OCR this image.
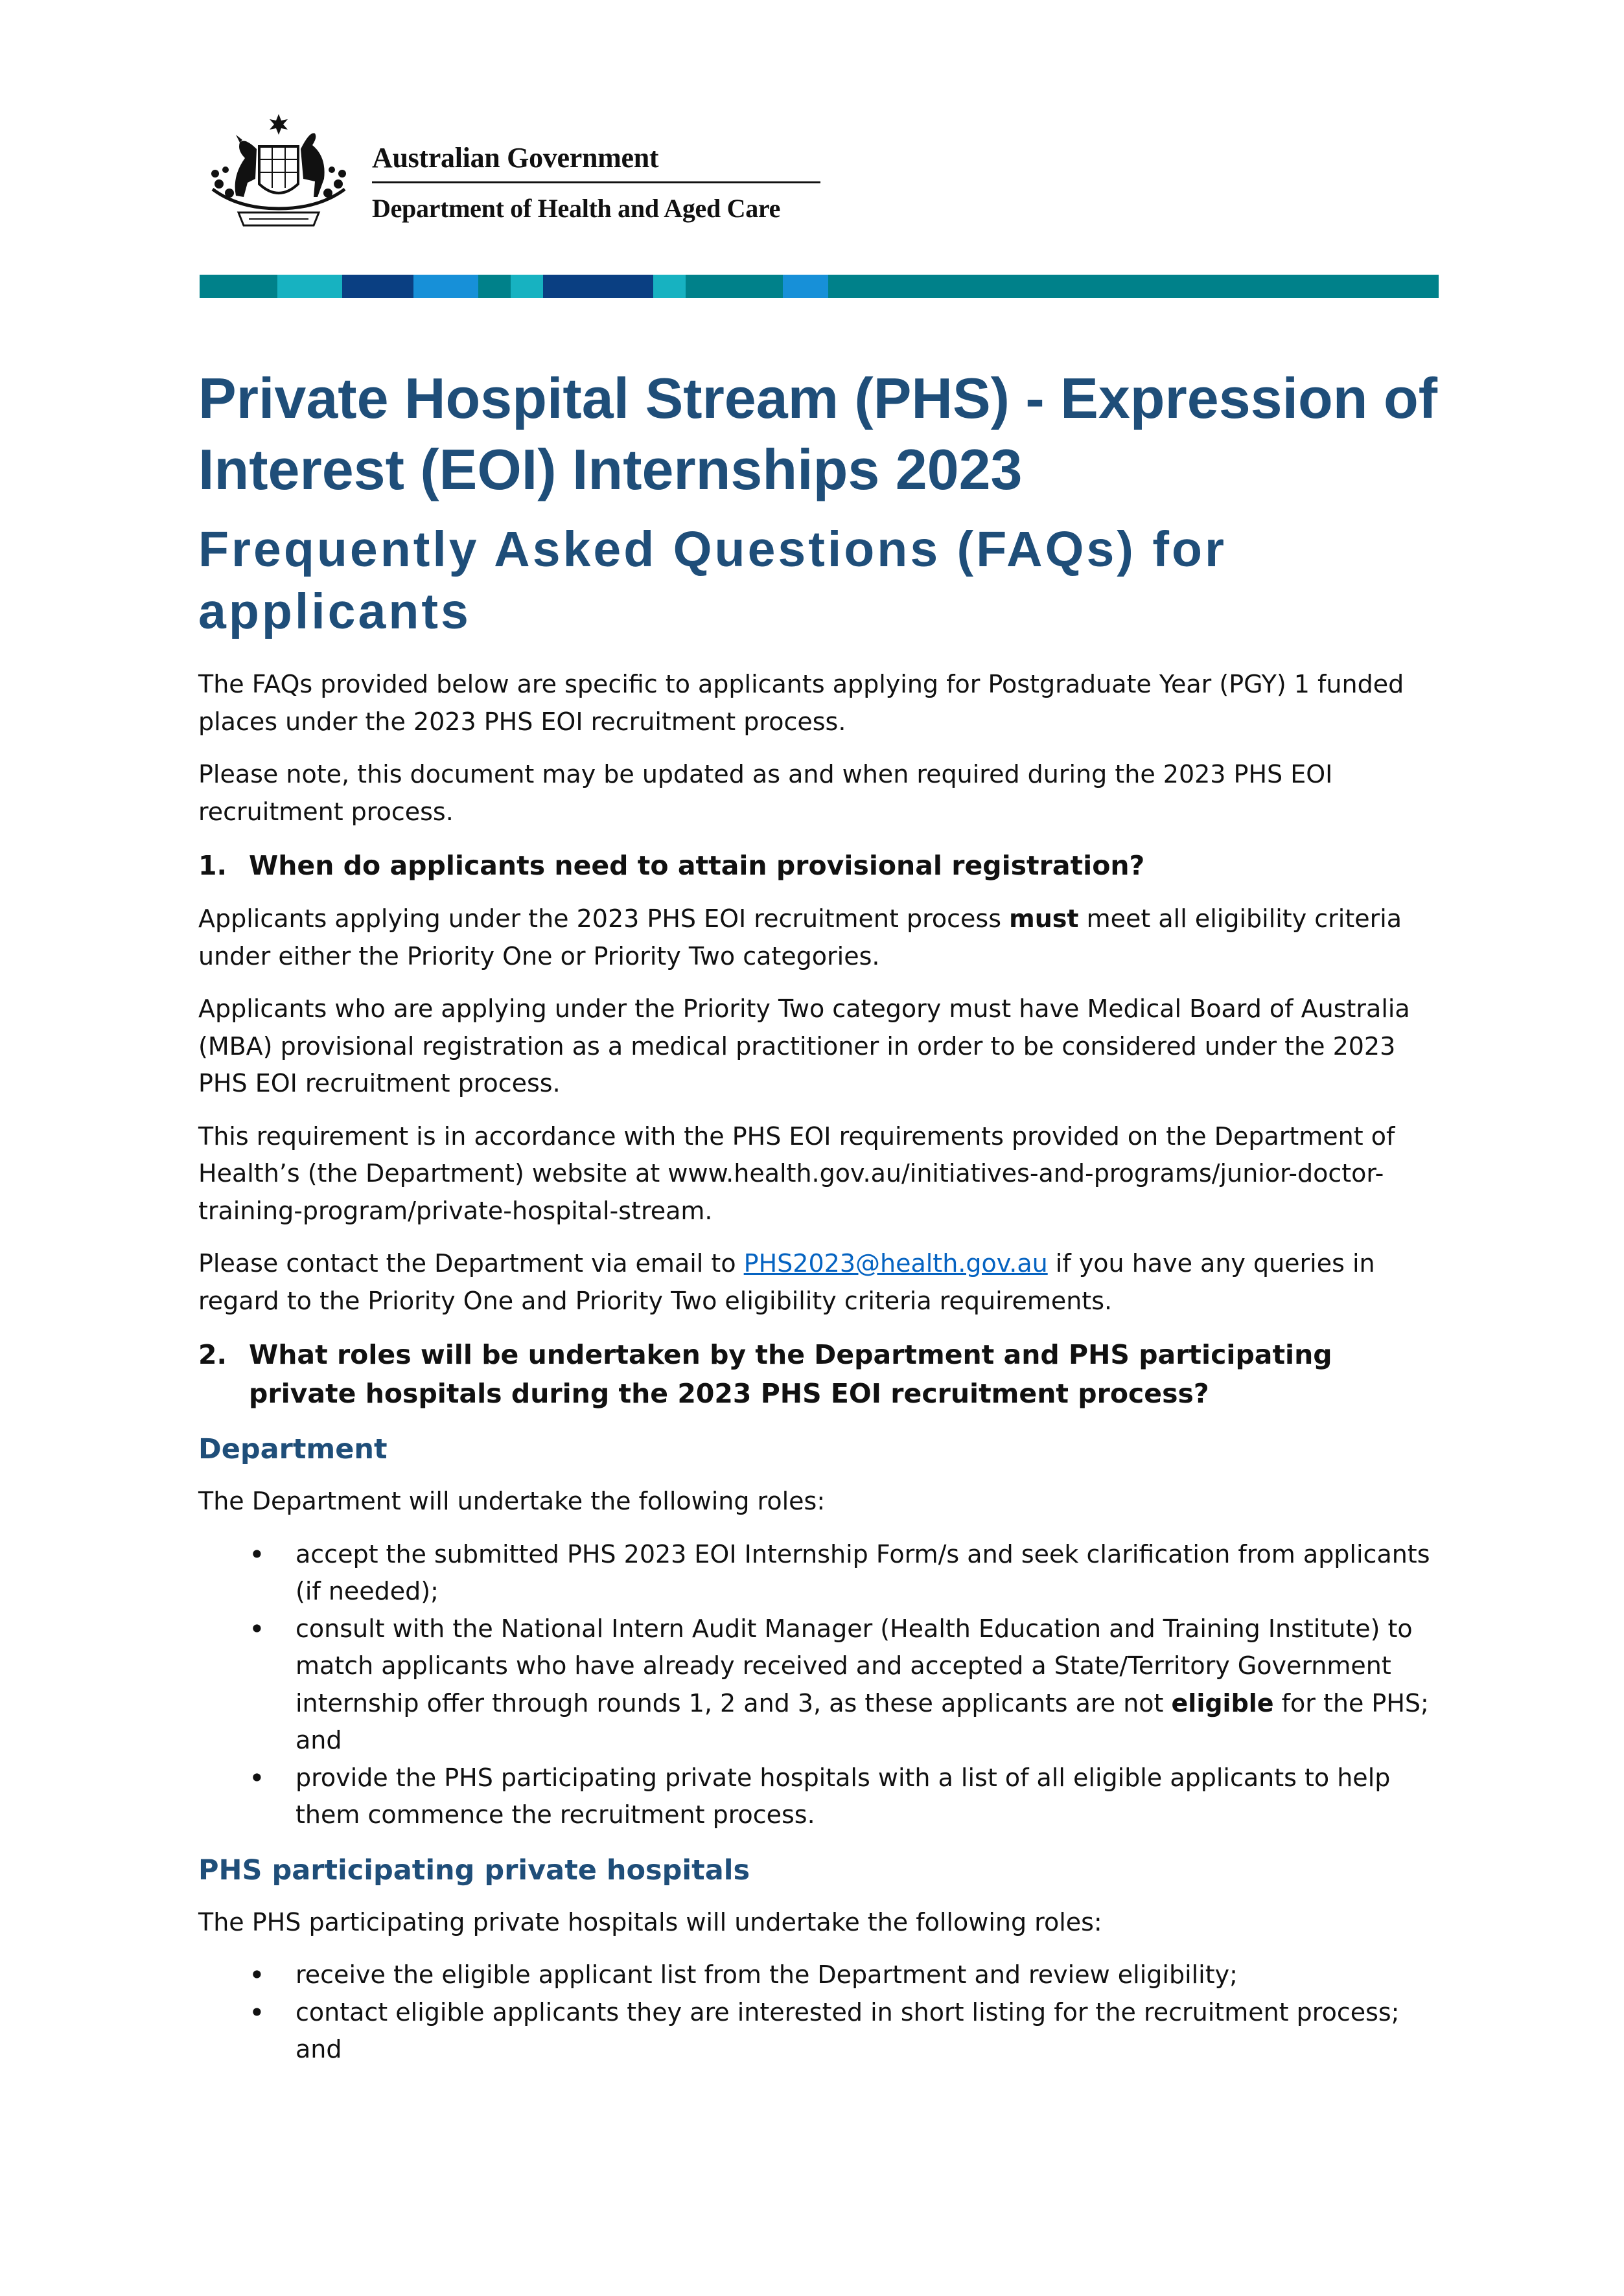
Australian Government
Department of Health and Aged Care
Private Hospital Stream (PHS) - Expression of Interest (EOI) Internships 2023
Frequently Asked Questions (FAQs) for applicants

The FAQs provided below are specific to applicants applying for Postgraduate Year (PGY) 1 funded places under the 2023 PHS EOI recruitment process.

Please note, this document may be updated as and when required during the 2023 PHS EOI recruitment process.

1. When do applicants need to attain provisional registration?

Applicants applying under the 2023 PHS EOI recruitment process must meet all eligibility criteria under either the Priority One or Priority Two categories.

Applicants who are applying under the Priority Two category must have Medical Board of Australia (MBA) provisional registration as a medical practitioner in order to be considered under the 2023 PHS EOI recruitment process.

This requirement is in accordance with the PHS EOI requirements provided on the Department of Health’s (the Department) website at www.health.gov.au/initiatives-and-programs/junior-doctor-training-program/private-hospital-stream.

Please contact the Department via email to PHS2023@health.gov.au if you have any queries in regard to the Priority One and Priority Two eligibility criteria requirements.

2. What roles will be undertaken by the Department and PHS participating private hospitals during the 2023 PHS EOI recruitment process?
Department

The Department will undertake the following roles:

• accept the submitted PHS 2023 EOI Internship Form/s and seek clarification from applicants (if needed);
• consult with the National Intern Audit Manager (Health Education and Training Institute) to match applicants who have already received and accepted a State/Territory Government internship offer through rounds 1, 2 and 3, as these applicants are not eligible for the PHS; and
• provide the PHS participating private hospitals with a list of all eligible applicants to help them commence the recruitment process.
PHS participating private hospitals

The PHS participating private hospitals will undertake the following roles:

• receive the eligible applicant list from the Department and review eligibility;
• contact eligible applicants they are interested in short listing for the recruitment process; and
